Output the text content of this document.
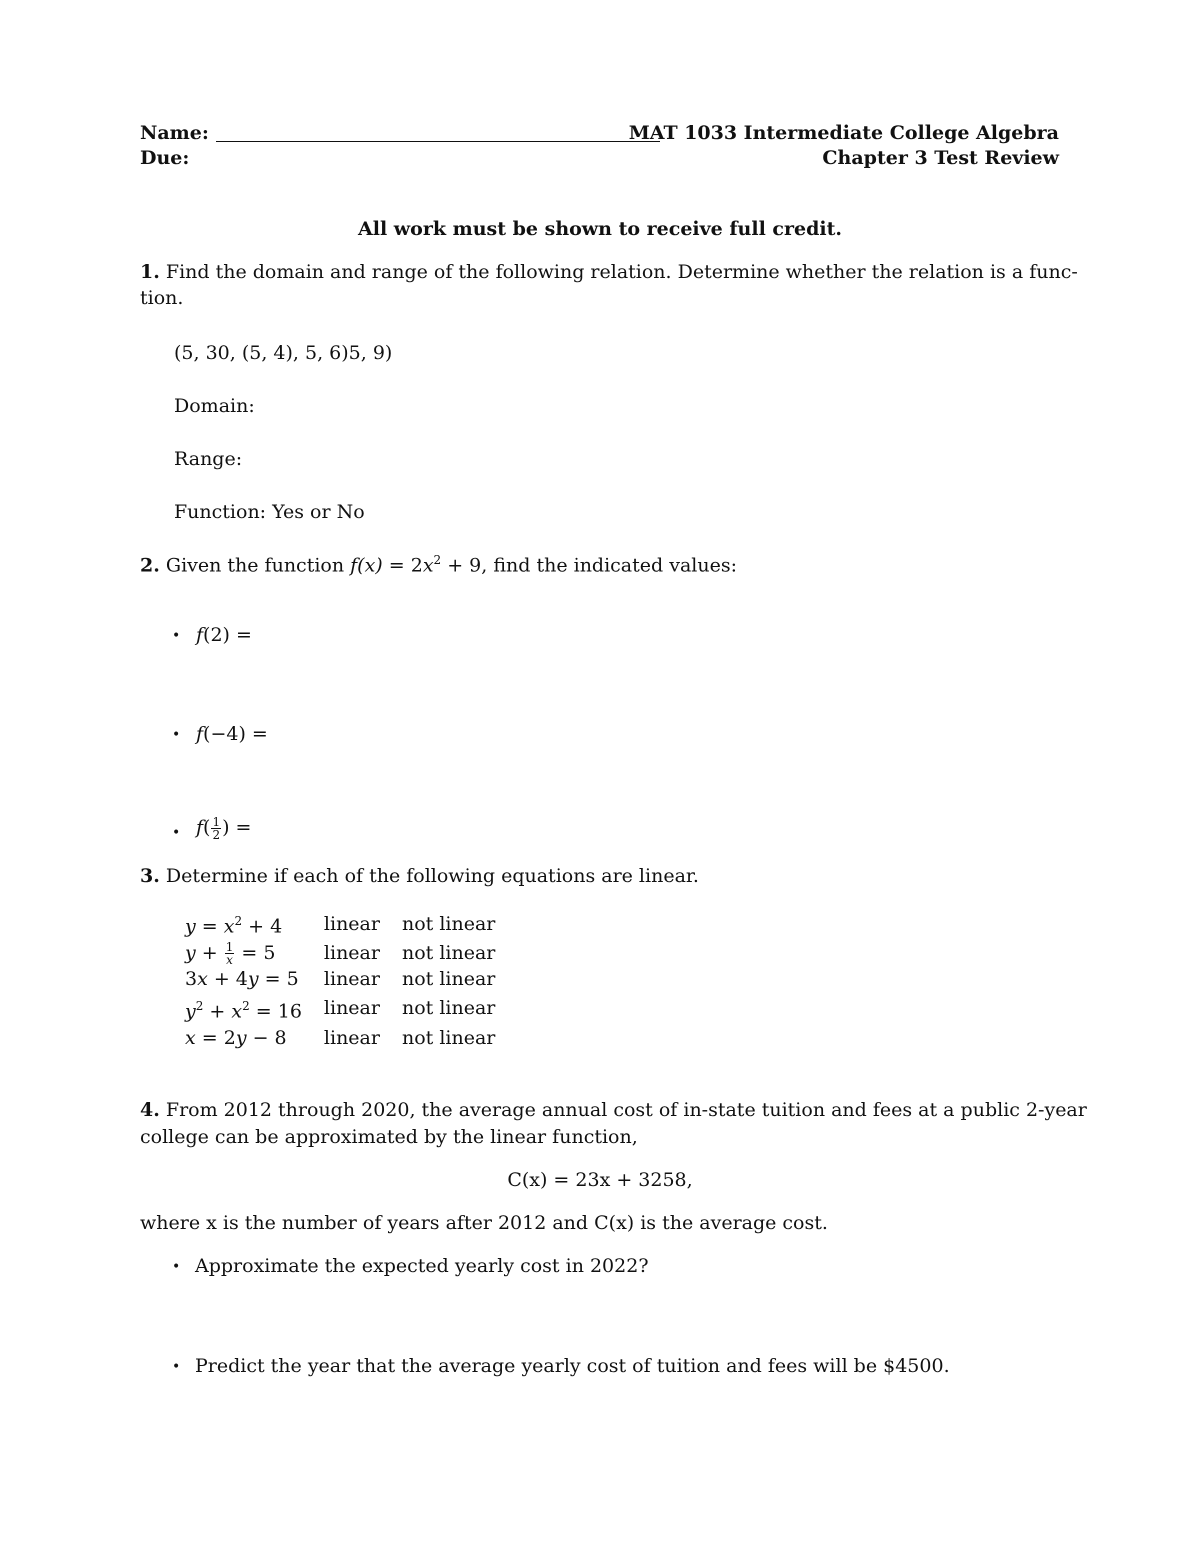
Name:	MAT 1033 Intermediate College Algebra
Due:	Chapter 3 Test Review
All work must be shown to receive full credit.
1. Find the domain and range of the following relation. Determine whether the relation is a func-
tion.
(5, 30, (5, 4), 5, 6)5, 9)
Domain:
Range:
Function: Yes or No
2. Given the function $f(x) = 2x^2 + 9$, find the indicated values:
• f(2) =
• f(−4) =
• $f( \frac{1}{2}$ ) =
3. Determine if each of the following equations are linear.
$y = x^2 + 4$	linear	not linear
$y + \frac{1}{x} = 5$	linear	not linear
3x + 4y = 5	linear	not linear
$y^2 + x^2 = 16$	linear	not linear
x = 2y − 8	linear	not linear
4. From 2012 through 2020, the average annual cost of in-state tuition and fees at a public 2-year
college can be approximated by the linear function,
C(x) = 23x + 3258,
where x is the number of years after 2012 and C(x) is the average cost.
• Approximate the expected yearly cost in 2022?
• Predict the year that the average yearly cost of tuition and fees will be $4500.
